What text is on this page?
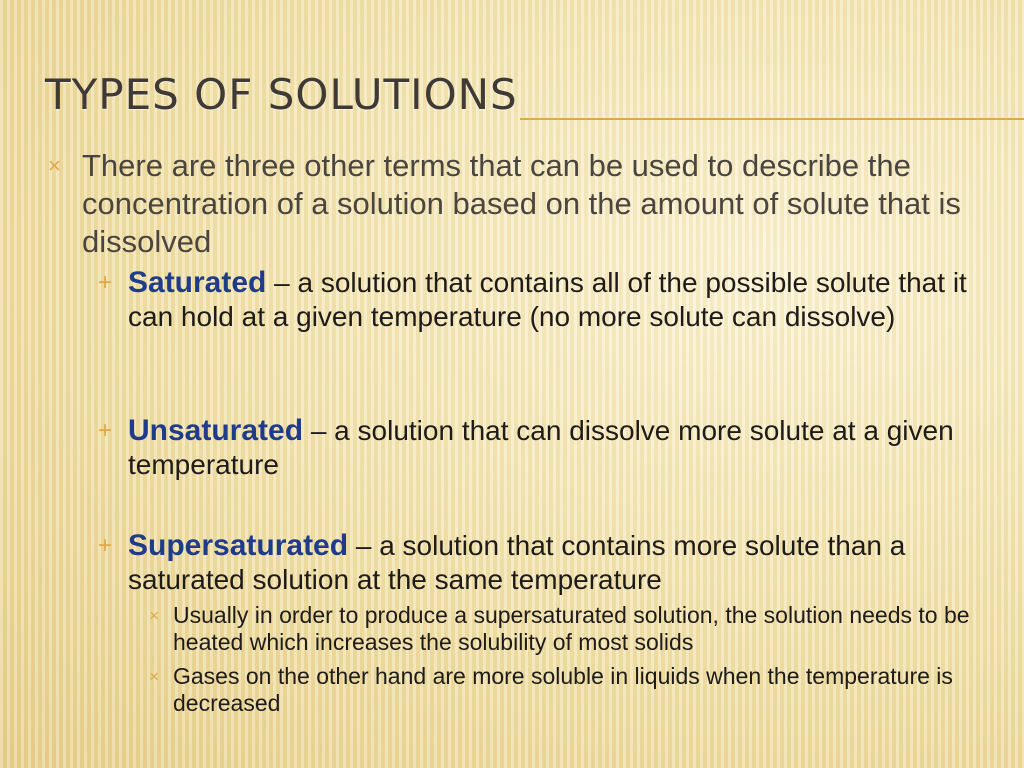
TYPES OF SOLUTIONS

× There are three other terms that can be used to describe the concentration of a solution based on the amount of solute that is dissolved

+ Saturated – a solution that contains all of the possible solute that it can hold at a given temperature (no more solute can dissolve)

+ Unsaturated – a solution that can dissolve more solute at a given temperature

+ Supersaturated – a solution that contains more solute than a saturated solution at the same temperature

× Usually in order to produce a supersaturated solution, the solution needs to be heated which increases the solubility of most solids

× Gases on the other hand are more soluble in liquids when the temperature is decreased
